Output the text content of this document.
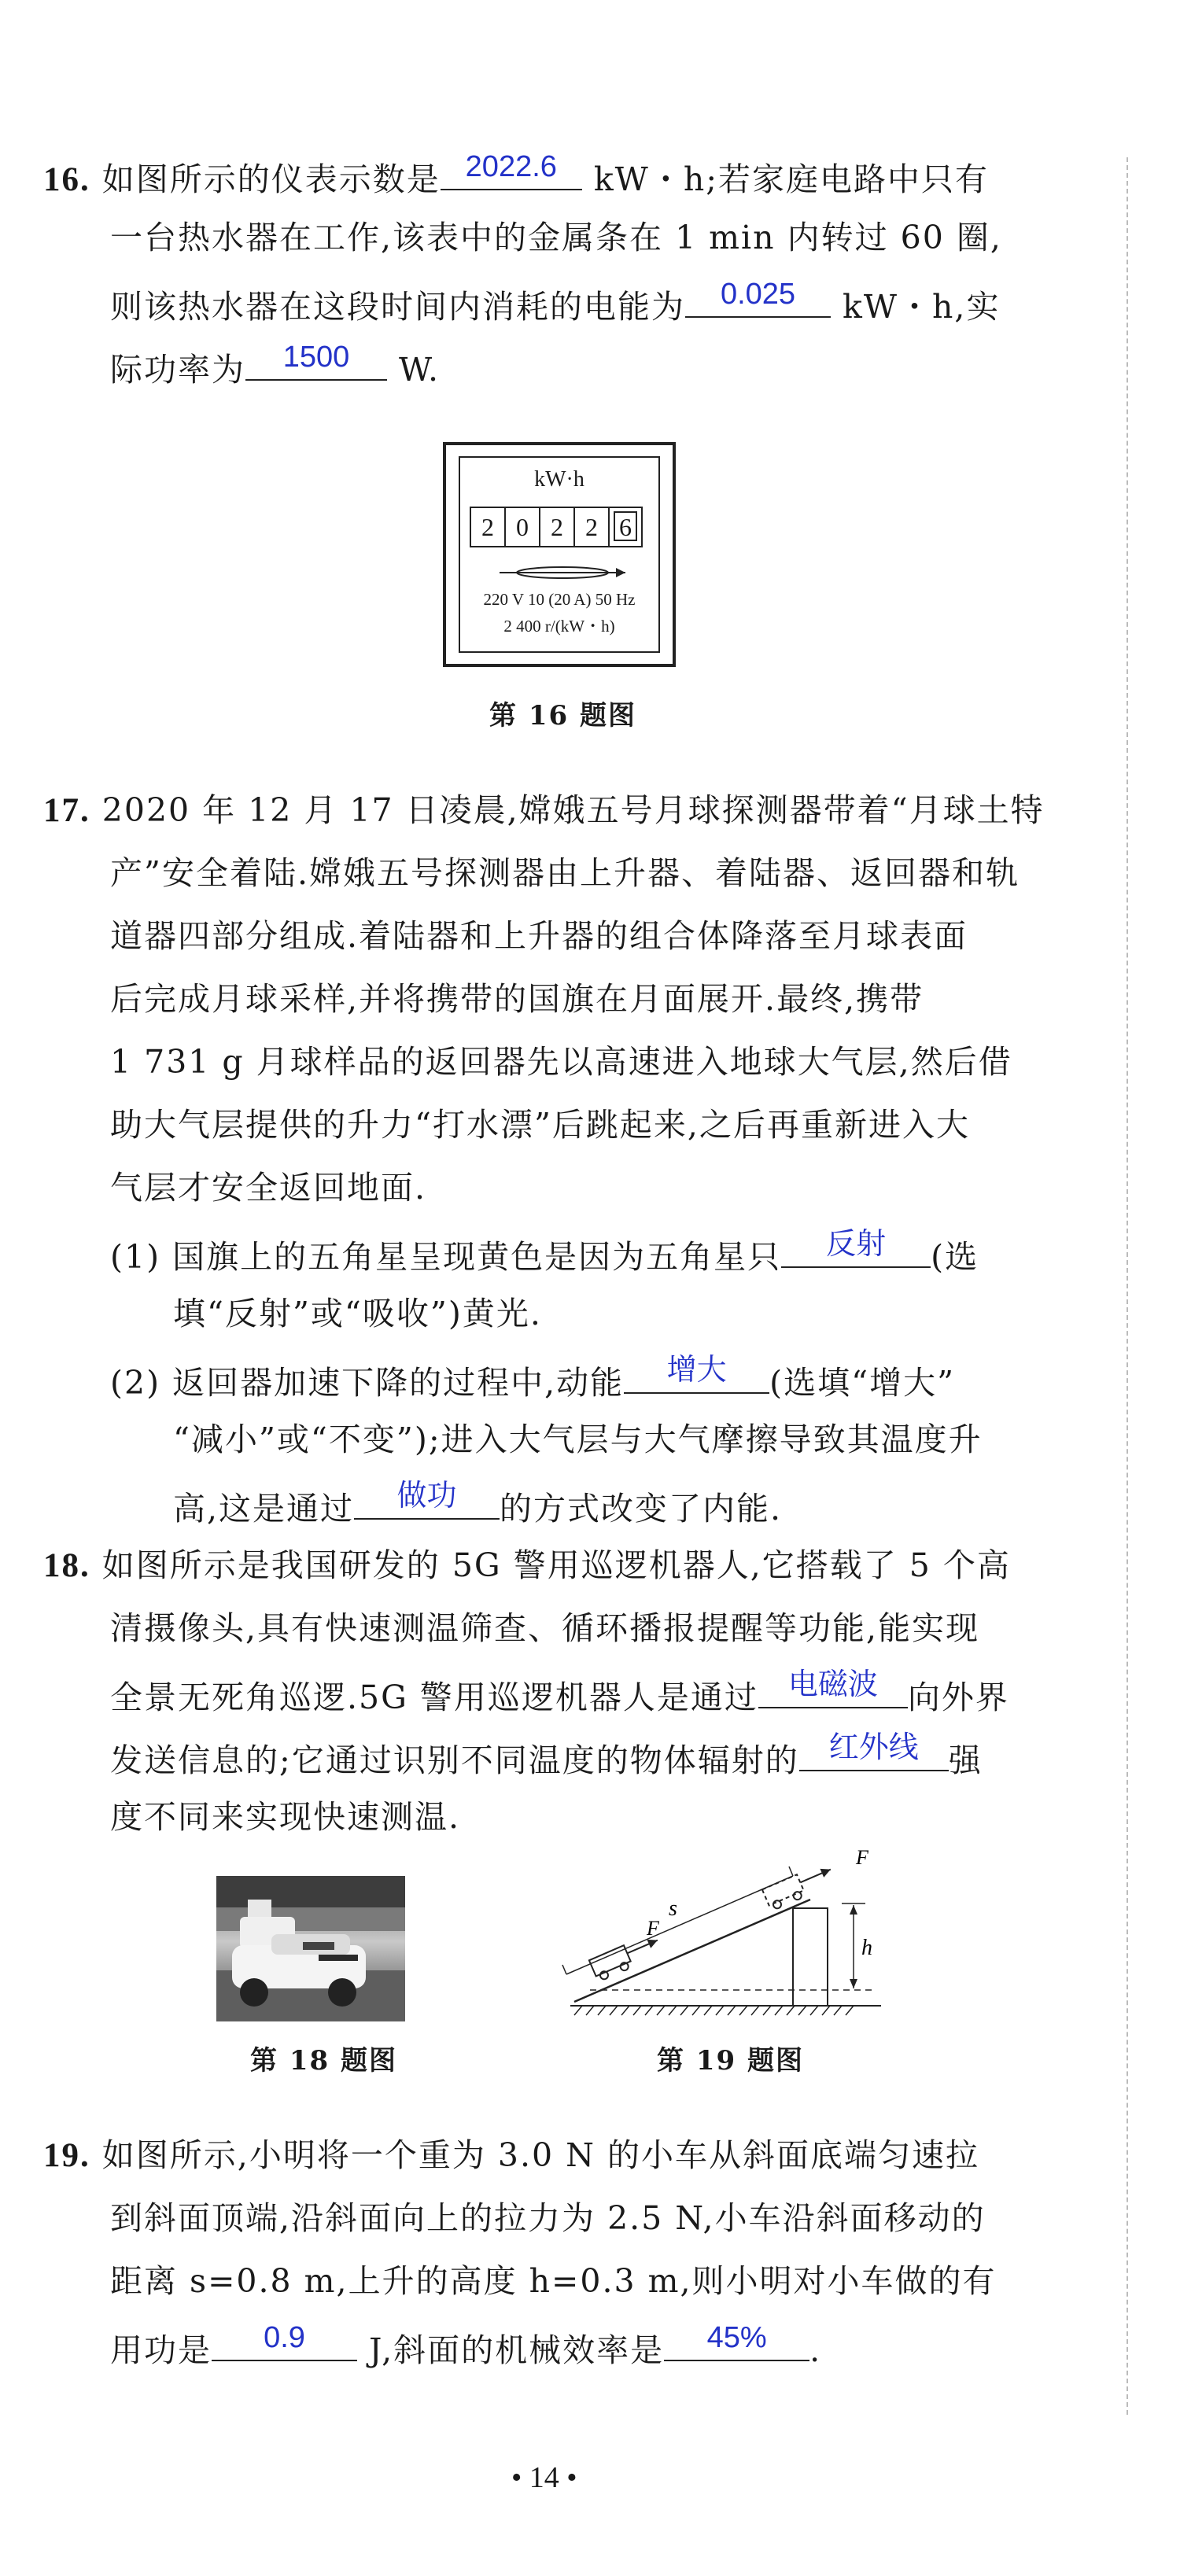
16. 如图所示的仪表示数是 2022.6 kW・h;若家庭电路中只有
一台热水器在工作,该表中的金属条在 1 min 内转过 60 圈,
则该热水器在这段时间内消耗的电能为	0.025	kW・h,实
际功率为	1500	W.
kW·h
2 0 2 2 6
220 V 10 (20 A) 50 Hz
2 400 r/(kW・h)
第 16 题图
17. 2020 年 12 月 17 日凌晨,嫦娥五号月球探测器带着“月球土特
产”安全着陆.嫦娥五号探测器由上升器、着陆器、返回器和轨
道器四部分组成.着陆器和上升器的组合体降落至月球表面
后完成月球采样,并将携带的国旗在月面展开.最终,携带
1 731 g 月球样品的返回器先以高速进入地球大气层,然后借
助大气层提供的升力“打水漂”后跳起来,之后再重新进入大
气层才安全返回地面.
(1) 国旗上的五角星呈现黄色是因为五角星只	反射	(选
填“反射”或“吸收”)黄光.
(2) 返回器加速下降的过程中,动能	增大	(选填“增大”
“减小”或“不变”);进入大气层与大气摩擦导致其温度升
高,这是通过	做功	的方式改变了内能.
18. 如图所示是我国研发的 5G 警用巡逻机器人,它搭载了 5 个高
清摄像头,具有快速测温筛查、循环播报提醒等功能,能实现
全景无死角巡逻.5G 警用巡逻机器人是通过 电磁波 向外界
发送信息的;它通过识别不同温度的物体辐射的 红外线 强
度不同来实现快速测温.
第 18 题图
s
F
F
h
第 19 题图
19. 如图所示,小明将一个重为 3.0 N 的小车从斜面底端匀速拉
到斜面顶端,沿斜面向上的拉力为 2.5 N,小车沿斜面移动的
距离 s=0.8 m,上升的高度 h=0.3 m,则小明对小车做的有
用功是	0.9	J,斜面的机械效率是	45%	.
• 14 •
